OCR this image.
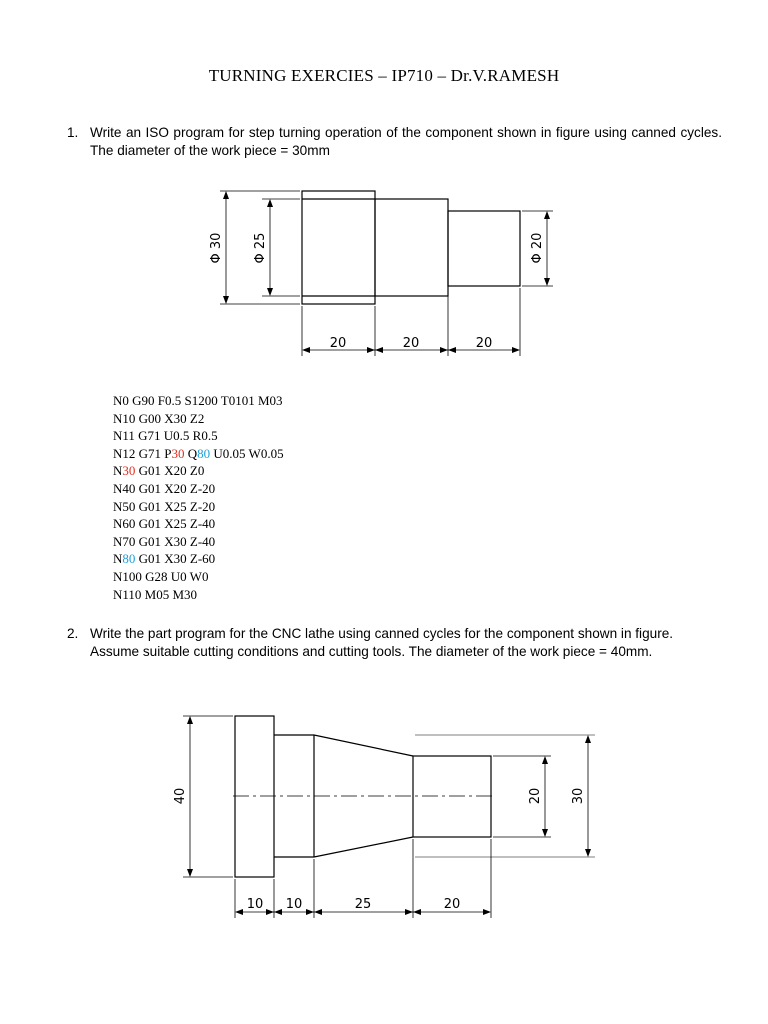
TURNING EXERCIES – IP710 – Dr.V.RAMESH
1. Write an ISO program for step turning operation of the component shown in figure using canned cycles. The diameter of the work piece = 30mm
Φ 30 Φ 25	Φ 20
20	20	20
N0 G90 F0.5 S1200 T0101 M03
N10 G00 X30 Z2
N11 G71 U0.5 R0.5
N12 G71 P30 Q80 U0.05 W0.05
N30 G01 X20 Z0
N40 G01 X20 Z-20
N50 G01 X25 Z-20
N60 G01 X25 Z-40
N70 G01 X30 Z-40
N80 G01 X30 Z-60
N100 G28 U0 W0
N110 M05 M30
2. Write the part program for the CNC lathe using canned cycles for the component shown in figure. Assume suitable cutting conditions and cutting tools. The diameter of the work piece = 40mm.
40	20 30
10 10	25	20
